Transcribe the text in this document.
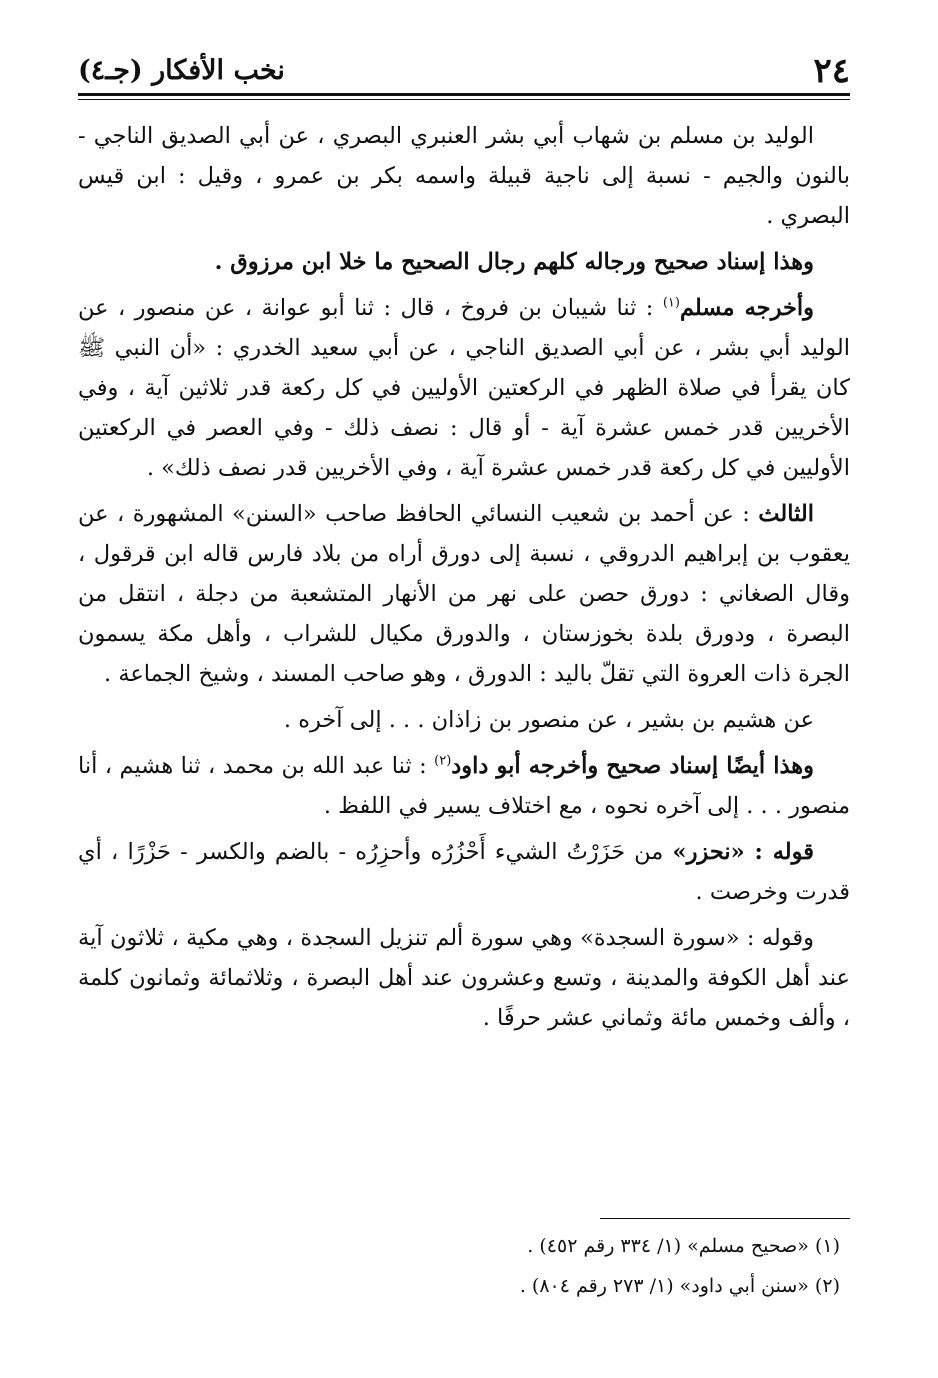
٢٤
نخب الأفكار (جـ٤)

الوليد بن مسلم بن شهاب أبي بشر العنبري البصري ، عن أبي الصديق الناجي - بالنون والجيم - نسبة إلى ناجية قبيلة واسمه بكر بن عمرو ، وقيل : ابن قيس البصري .

وهذا إسناد صحيح ورجاله كلهم رجال الصحيح ما خلا ابن مرزوق .

وأخرجه مسلم$^{(١)}$ : ثنا شيبان بن فروخ ، قال : ثنا أبو عوانة ، عن منصور ، عن الوليد أبي بشر ، عن أبي الصديق الناجي ، عن أبي سعيد الخدري : «أن النبي ﷺ كان يقرأ في صلاة الظهر في الركعتين الأوليين في كل ركعة قدر ثلاثين آية ، وفي الأخريين قدر خمس عشرة آية - أو قال : نصف ذلك - وفي العصر في الركعتين الأوليين في كل ركعة قدر خمس عشرة آية ، وفي الأخريين قدر نصف ذلك» .

الثالث : عن أحمد بن شعيب النسائي الحافظ صاحب «السنن» المشهورة ، عن يعقوب بن إبراهيم الدروقي ، نسبة إلى دورق أراه من بلاد فارس قاله ابن قرقول ، وقال الصغاني : دورق حصن على نهر من الأنهار المتشعبة من دجلة ، انتقل من البصرة ، ودورق بلدة بخوزستان ، والدورق مكيال للشراب ، وأهل مكة يسمون الجرة ذات العروة التي تقلّ باليد : الدورق ، وهو صاحب المسند ، وشيخ الجماعة .

عن هشيم بن بشير ، عن منصور بن زاذان . . . إلى آخره .

وهذا أيضًا إسناد صحيح وأخرجه أبو داود$^{(٢)}$ : ثنا عبد الله بن محمد ، ثنا هشيم ، أنا منصور . . . إلى آخره نحوه ، مع اختلاف يسير في اللفظ .

قوله : «نحزر» من حَزَرْتُ الشيء أَحْزُرُه وأحزِرُه - بالضم والكسر - حَزْرًا ، أي قدرت وخرصت .

وقوله : «سورة السجدة» وهي سورة ألم تنزيل السجدة ، وهي مكية ، ثلاثون آية عند أهل الكوفة والمدينة ، وتسع وعشرون عند أهل البصرة ، وثلاثمائة وثمانون كلمة ، وألف وخمس مائة وثماني عشر حرفًا .

(١) «صحيح مسلم» (١/ ٣٣٤ رقم ٤٥٢) .

(٢) «سنن أبي داود» (١/ ٢٧٣ رقم ٨٠٤) .
